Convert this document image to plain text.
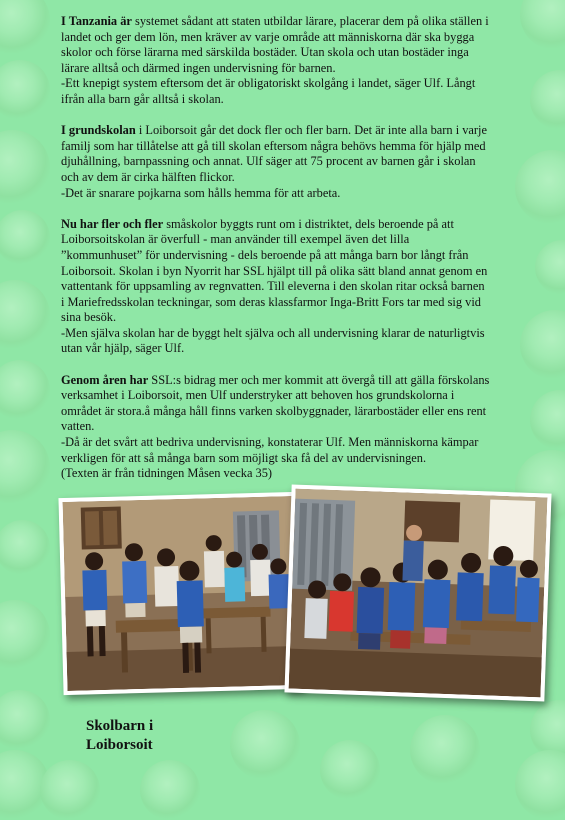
I Tanzania är systemet sådant att staten utbildar lärare, placerar dem på olika ställen i
landet och ger dem lön, men kräver av varje område att människorna där ska bygga
skolor och förse lärarna med särskilda bostäder. Utan skola och utan bostäder inga
lärare alltså och därmed ingen undervisning för barnen.
-Ett knepigt system eftersom det är obligatoriskt skolgång i landet, säger Ulf. Långt
ifrån alla barn går alltså i skolan.

I grundskolan i Loiborsoit går det dock fler och fler barn. Det är inte alla barn i varje
familj som har tillåtelse att gå till skolan eftersom några behövs hemma för hjälp med
djuhållning, barnpassning och annat. Ulf säger att 75 procent av barnen går i skolan
och av dem är cirka hälften flickor.
-Det är snarare pojkarna som hålls hemma för att arbeta.

Nu har fler och fler småskolor byggts runt om i distriktet, dels beroende på att
Loiborsoitskolan är överfull - man använder till exempel även det lilla
”kommunhuset” för undervisning - dels beroende på att många barn bor långt från
Loiborsoit. Skolan i byn Nyorrit har SSL hjälpt till på olika sätt bland annat genom en
vattentank för uppsamling av regnvatten. Till eleverna i den skolan ritar också barnen
i Mariefredsskolan teckningar, som deras klassfarmor Inga-Britt Fors tar med sig vid
sina besök.
-Men själva skolan har de byggt helt själva och all undervisning klarar de naturligtvis
utan vår hjälp, säger Ulf.

Genom åren har SSL:s bidrag mer och mer kommit att övergå till att gälla förskolans
verksamhet i Loiborsoit, men Ulf understryker att behoven hos grundskolorna i
området är stora.å många håll finns varken skolbyggnader, lärarbostäder eller ens rent
vatten.
-Då är det svårt att bedriva undervisning, konstaterar Ulf. Men människorna kämpar
verkligen för att så många barn som möjligt ska få del av undervisningen.

(Texten är från tidningen Måsen vecka 35)
Skolbarn i
Loiborsoit
